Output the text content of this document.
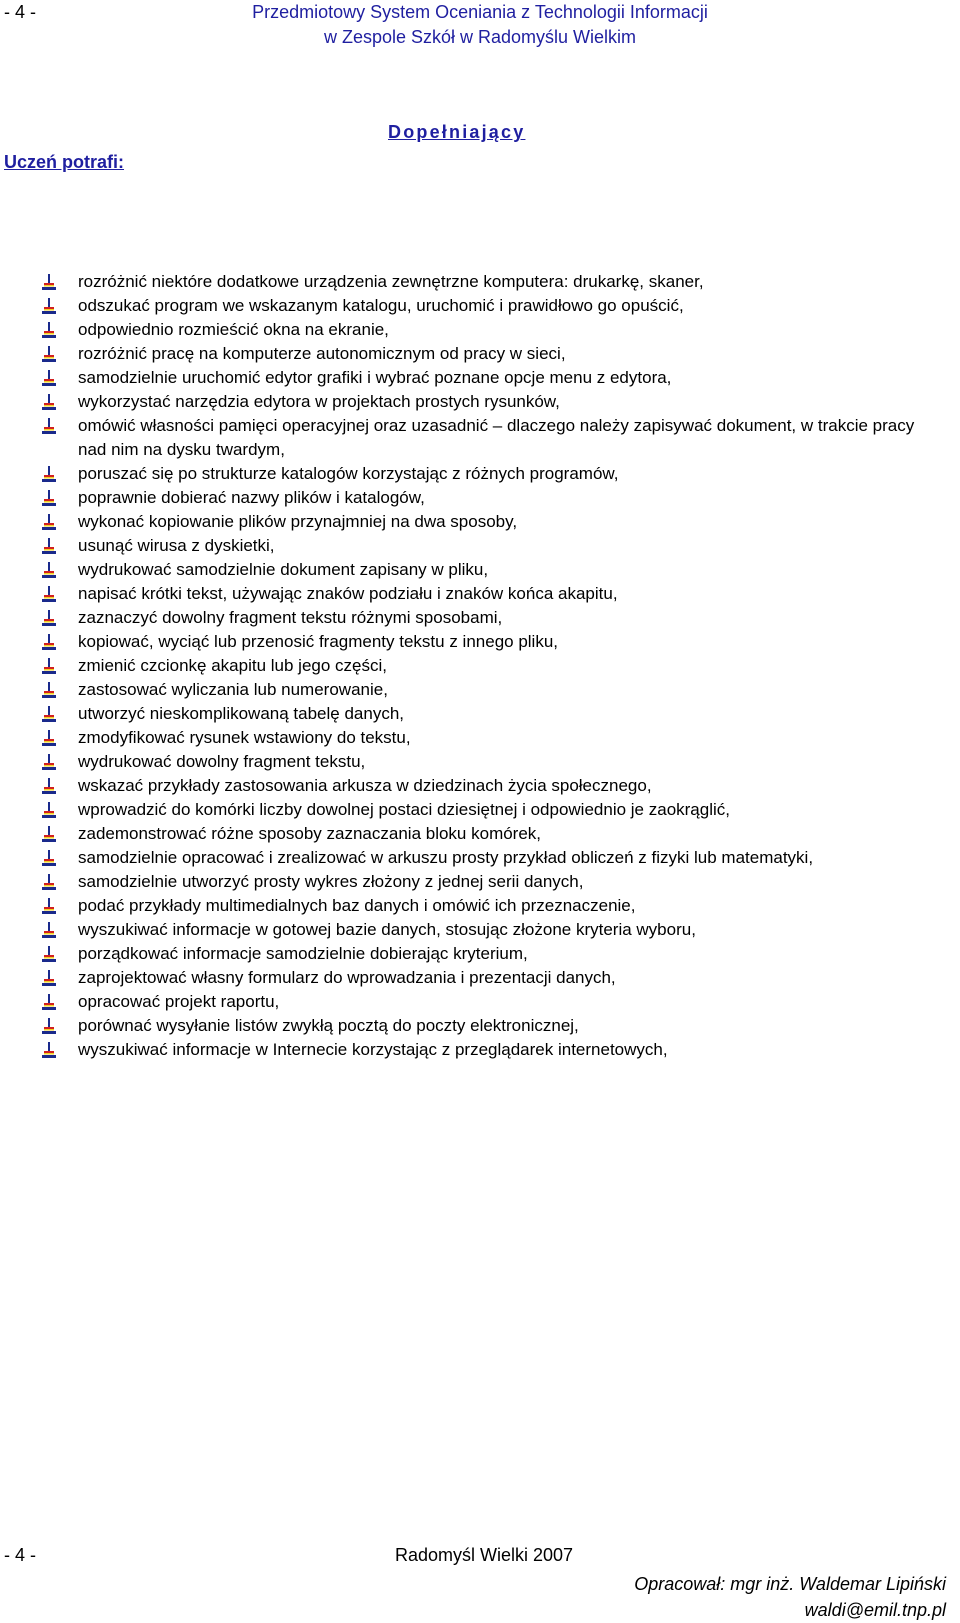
- 4 -	Przedmiotowy System Oceniania z Technologii Informacji
w Zespole Szkół w Radomyślu Wielkim
Dopełniający
Uczeń potrafi:
rozróżnić niektóre dodatkowe urządzenia zewnętrzne komputera: drukarkę, skaner,
odszukać program we wskazanym katalogu, uruchomić i prawidłowo go opuścić,
odpowiednio rozmieścić okna na ekranie,
rozróżnić pracę na komputerze autonomicznym od pracy w sieci,
samodzielnie uruchomić edytor grafiki i wybrać poznane opcje menu z edytora,
wykorzystać narzędzia edytora w projektach prostych rysunków,
omówić własności pamięci operacyjnej oraz uzasadnić – dlaczego należy zapisywać dokument, w trakcie pracy nad nim na dysku twardym,
poruszać się po strukturze katalogów korzystając z różnych programów,
poprawnie dobierać nazwy plików i katalogów,
wykonać kopiowanie plików przynajmniej na dwa sposoby,
usunąć wirusa z dyskietki,
wydrukować samodzielnie dokument zapisany w pliku,
napisać krótki tekst, używając znaków podziału i znaków końca akapitu,
zaznaczyć dowolny fragment tekstu różnymi sposobami,
kopiować, wyciąć lub przenosić fragmenty tekstu z innego pliku,
zmienić czcionkę akapitu lub jego części,
zastosować wyliczania lub numerowanie,
utworzyć nieskomplikowaną tabelę danych,
zmodyfikować rysunek wstawiony do tekstu,
wydrukować dowolny fragment tekstu,
wskazać przykłady zastosowania arkusza w dziedzinach życia społecznego,
wprowadzić do komórki liczby dowolnej postaci dziesiętnej i odpowiednio je zaokrąglić,
zademonstrować różne sposoby zaznaczania bloku komórek,
samodzielnie opracować i zrealizować w arkuszu prosty przykład obliczeń z fizyki lub matematyki,
samodzielnie utworzyć prosty wykres złożony z jednej serii danych,
podać przykłady multimedialnych baz danych i omówić ich przeznaczenie,
wyszukiwać informacje w gotowej bazie danych, stosując złożone kryteria wyboru,
porządkować informacje samodzielnie dobierając kryterium,
zaprojektować własny formularz do wprowadzania i prezentacji danych,
opracować projekt raportu,
porównać wysyłanie listów zwykłą pocztą do poczty elektronicznej,
wyszukiwać informacje w Internecie korzystając z przeglądarek internetowych,
- 4 -	Radomyśl Wielki 2007
Opracował: mgr inż. Waldemar Lipiński
waldi@emil.tnp.pl
